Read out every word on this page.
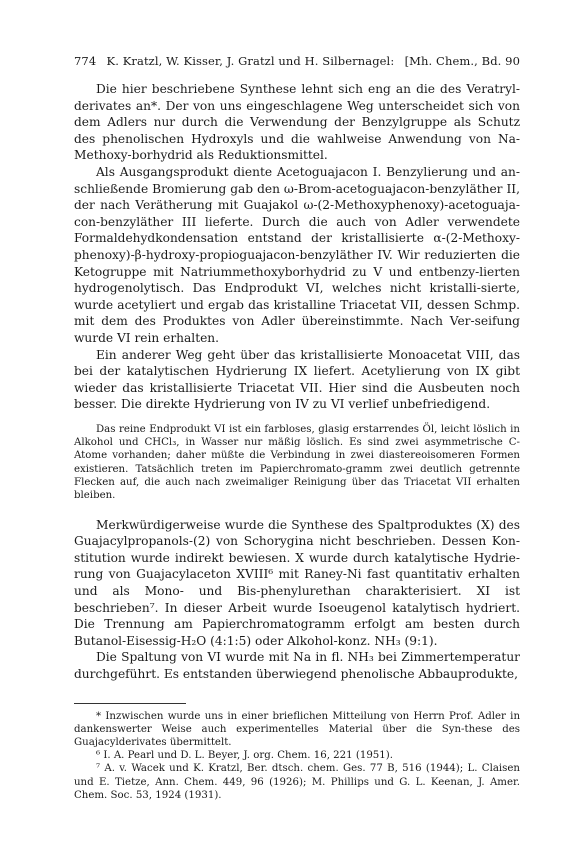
774 K. Kratzl, W. Kisser, J. Gratzl und H. Silbernagel: [Mh. Chem., Bd. 90

Die hier beschriebene Synthese lehnt sich eng an die des Veratryl-derivates an*. Der von uns eingeschlagene Weg unterscheidet sich von dem Adlers nur durch die Verwendung der Benzylgruppe als Schutz des phenolischen Hydroxyls und die wahlweise Anwendung von Na-Methoxy-borhydrid als Reduktionsmittel.

Als Ausgangsprodukt diente Acetoguajacon I. Benzylierung und an-schließende Bromierung gab den ω-Brom-acetoguajacon-benzyläther II, der nach Verätherung mit Guajakol ω-(2-Methoxyphenoxy)-acetoguaja-con-benzyläther III lieferte. Durch die auch von Adler verwendete Formaldehydkondensation entstand der kristallisierte α-(2-Methoxy-phenoxy)-β-hydroxy-propioguajacon-benzyläther IV. Wir reduzierten die Ketogruppe mit Natriummethoxyborhydrid zu V und entbenzy-lierten hydrogenolytisch. Das Endprodukt VI, welches nicht kristalli-sierte, wurde acetyliert und ergab das kristalline Triacetat VII, dessen Schmp. mit dem des Produktes von Adler übereinstimmte. Nach Ver-seifung wurde VI rein erhalten.

Ein anderer Weg geht über das kristallisierte Monoacetat VIII, das bei der katalytischen Hydrierung IX liefert. Acetylierung von IX gibt wieder das kristallisierte Triacetat VII. Hier sind die Ausbeuten noch besser. Die direkte Hydrierung von IV zu VI verlief unbefriedigend.

Das reine Endprodukt VI ist ein farbloses, glasig erstarrendes Öl, leicht löslich in Alkohol und CHCl₃, in Wasser nur mäßig löslich. Es sind zwei asymmetrische C-Atome vorhanden; daher müßte die Verbindung in zwei diastereoisomeren Formen existieren. Tatsächlich treten im Papierchromato-gramm zwei deutlich getrennte Flecken auf, die auch nach zweimaliger Reinigung über das Triacetat VII erhalten bleiben.

Merkwürdigerweise wurde die Synthese des Spaltproduktes (X) des Guajacylpropanols-(2) von Schorygina nicht beschrieben. Dessen Kon-stitution wurde indirekt bewiesen. X wurde durch katalytische Hydrie-rung von Guajacylaceton XVIII⁶ mit Raney-Ni fast quantitativ erhalten und als Mono- und Bis-phenylurethan charakterisiert. XI ist beschrieben⁷. In dieser Arbeit wurde Isoeugenol katalytisch hydriert. Die Trennung am Papierchromatogramm erfolgt am besten durch Butanol-Eisessig-H₂O (4:1:5) oder Alkohol-konz. NH₃ (9:1).

Die Spaltung von VI wurde mit Na in fl. NH₃ bei Zimmertemperatur durchgeführt. Es entstanden überwiegend phenolische Abbauprodukte,

* Inzwischen wurde uns in einer brieflichen Mitteilung von Herrn Prof. Adler in dankenswerter Weise auch experimentelles Material über die Syn-these des Guajacylderivates übermittelt.

⁶ I. A. Pearl und D. L. Beyer, J. org. Chem. 16, 221 (1951).

⁷ A. v. Wacek und K. Kratzl, Ber. dtsch. chem. Ges. 77 B, 516 (1944); L. Claisen und E. Tietze, Ann. Chem. 449, 96 (1926); M. Phillips und G. L. Keenan, J. Amer. Chem. Soc. 53, 1924 (1931).
